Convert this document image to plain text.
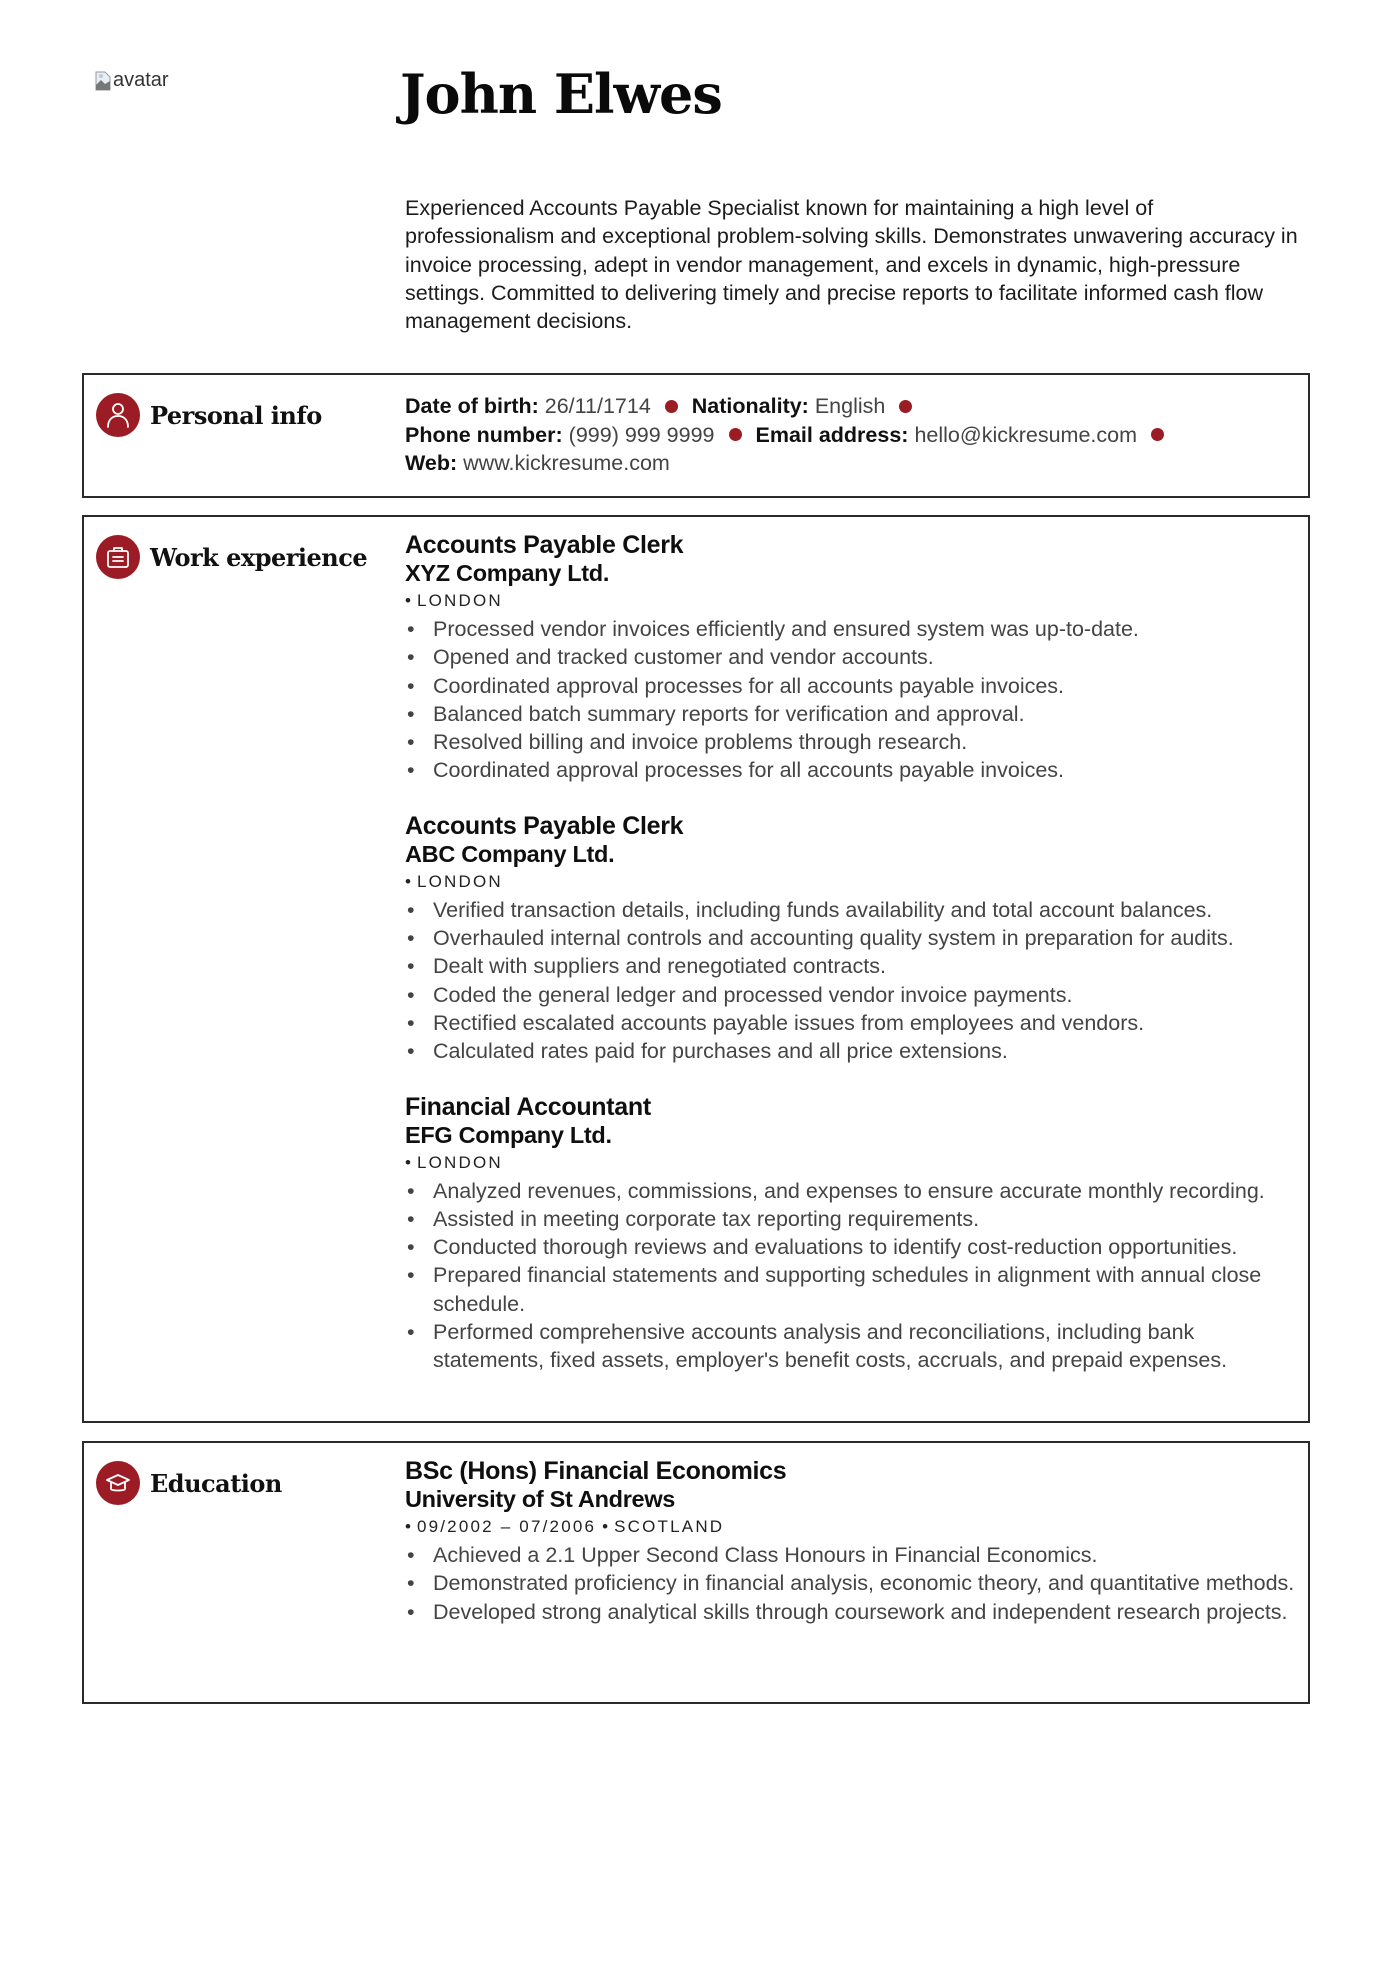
avatar	John Elwes

Experienced Accounts Payable Specialist known for maintaining a high level of professionalism and exceptional problem-solving skills. Demonstrates unwavering accuracy in invoice processing, adept in vendor management, and excels in dynamic, high-pressure settings. Committed to delivering timely and precise reports to facilitate informed cash flow management decisions.

Personal info	Date of birth: 26/11/1714 Nationality: English
Phone number: (999) 999 9999 Email address: hello@kickresume.com
Web: www.kickresume.com
Work experience Accounts Payable Clerk
XYZ Company Ltd.
• LONDON
• Processed vendor invoices efficiently and ensured system was up-to-date.
• Opened and tracked customer and vendor accounts.
• Coordinated approval processes for all accounts payable invoices.
• Balanced batch summary reports for verification and approval.
• Resolved billing and invoice problems through research.
• Coordinated approval processes for all accounts payable invoices.
Accounts Payable Clerk
ABC Company Ltd.
• LONDON
• Verified transaction details, including funds availability and total account balances.
• Overhauled internal controls and accounting quality system in preparation for audits.
• Dealt with suppliers and renegotiated contracts.
• Coded the general ledger and processed vendor invoice payments.
• Rectified escalated accounts payable issues from employees and vendors.
• Calculated rates paid for purchases and all price extensions.
Financial Accountant
EFG Company Ltd.
• LONDON
• Analyzed revenues, commissions, and expenses to ensure accurate monthly recording.
• Assisted in meeting corporate tax reporting requirements.
• Conducted thorough reviews and evaluations to identify cost-reduction opportunities.
• Prepared financial statements and supporting schedules in alignment with annual close schedule.
• Performed comprehensive accounts analysis and reconciliations, including bank statements, fixed assets, employer's benefit costs, accruals, and prepaid expenses.
Education	BSc (Hons) Financial Economics
University of St Andrews
• 09/2002 – 07/2006 • SCOTLAND
• Achieved a 2.1 Upper Second Class Honours in Financial Economics.
• Demonstrated proficiency in financial analysis, economic theory, and quantitative methods.
• Developed strong analytical skills through coursework and independent research projects.
